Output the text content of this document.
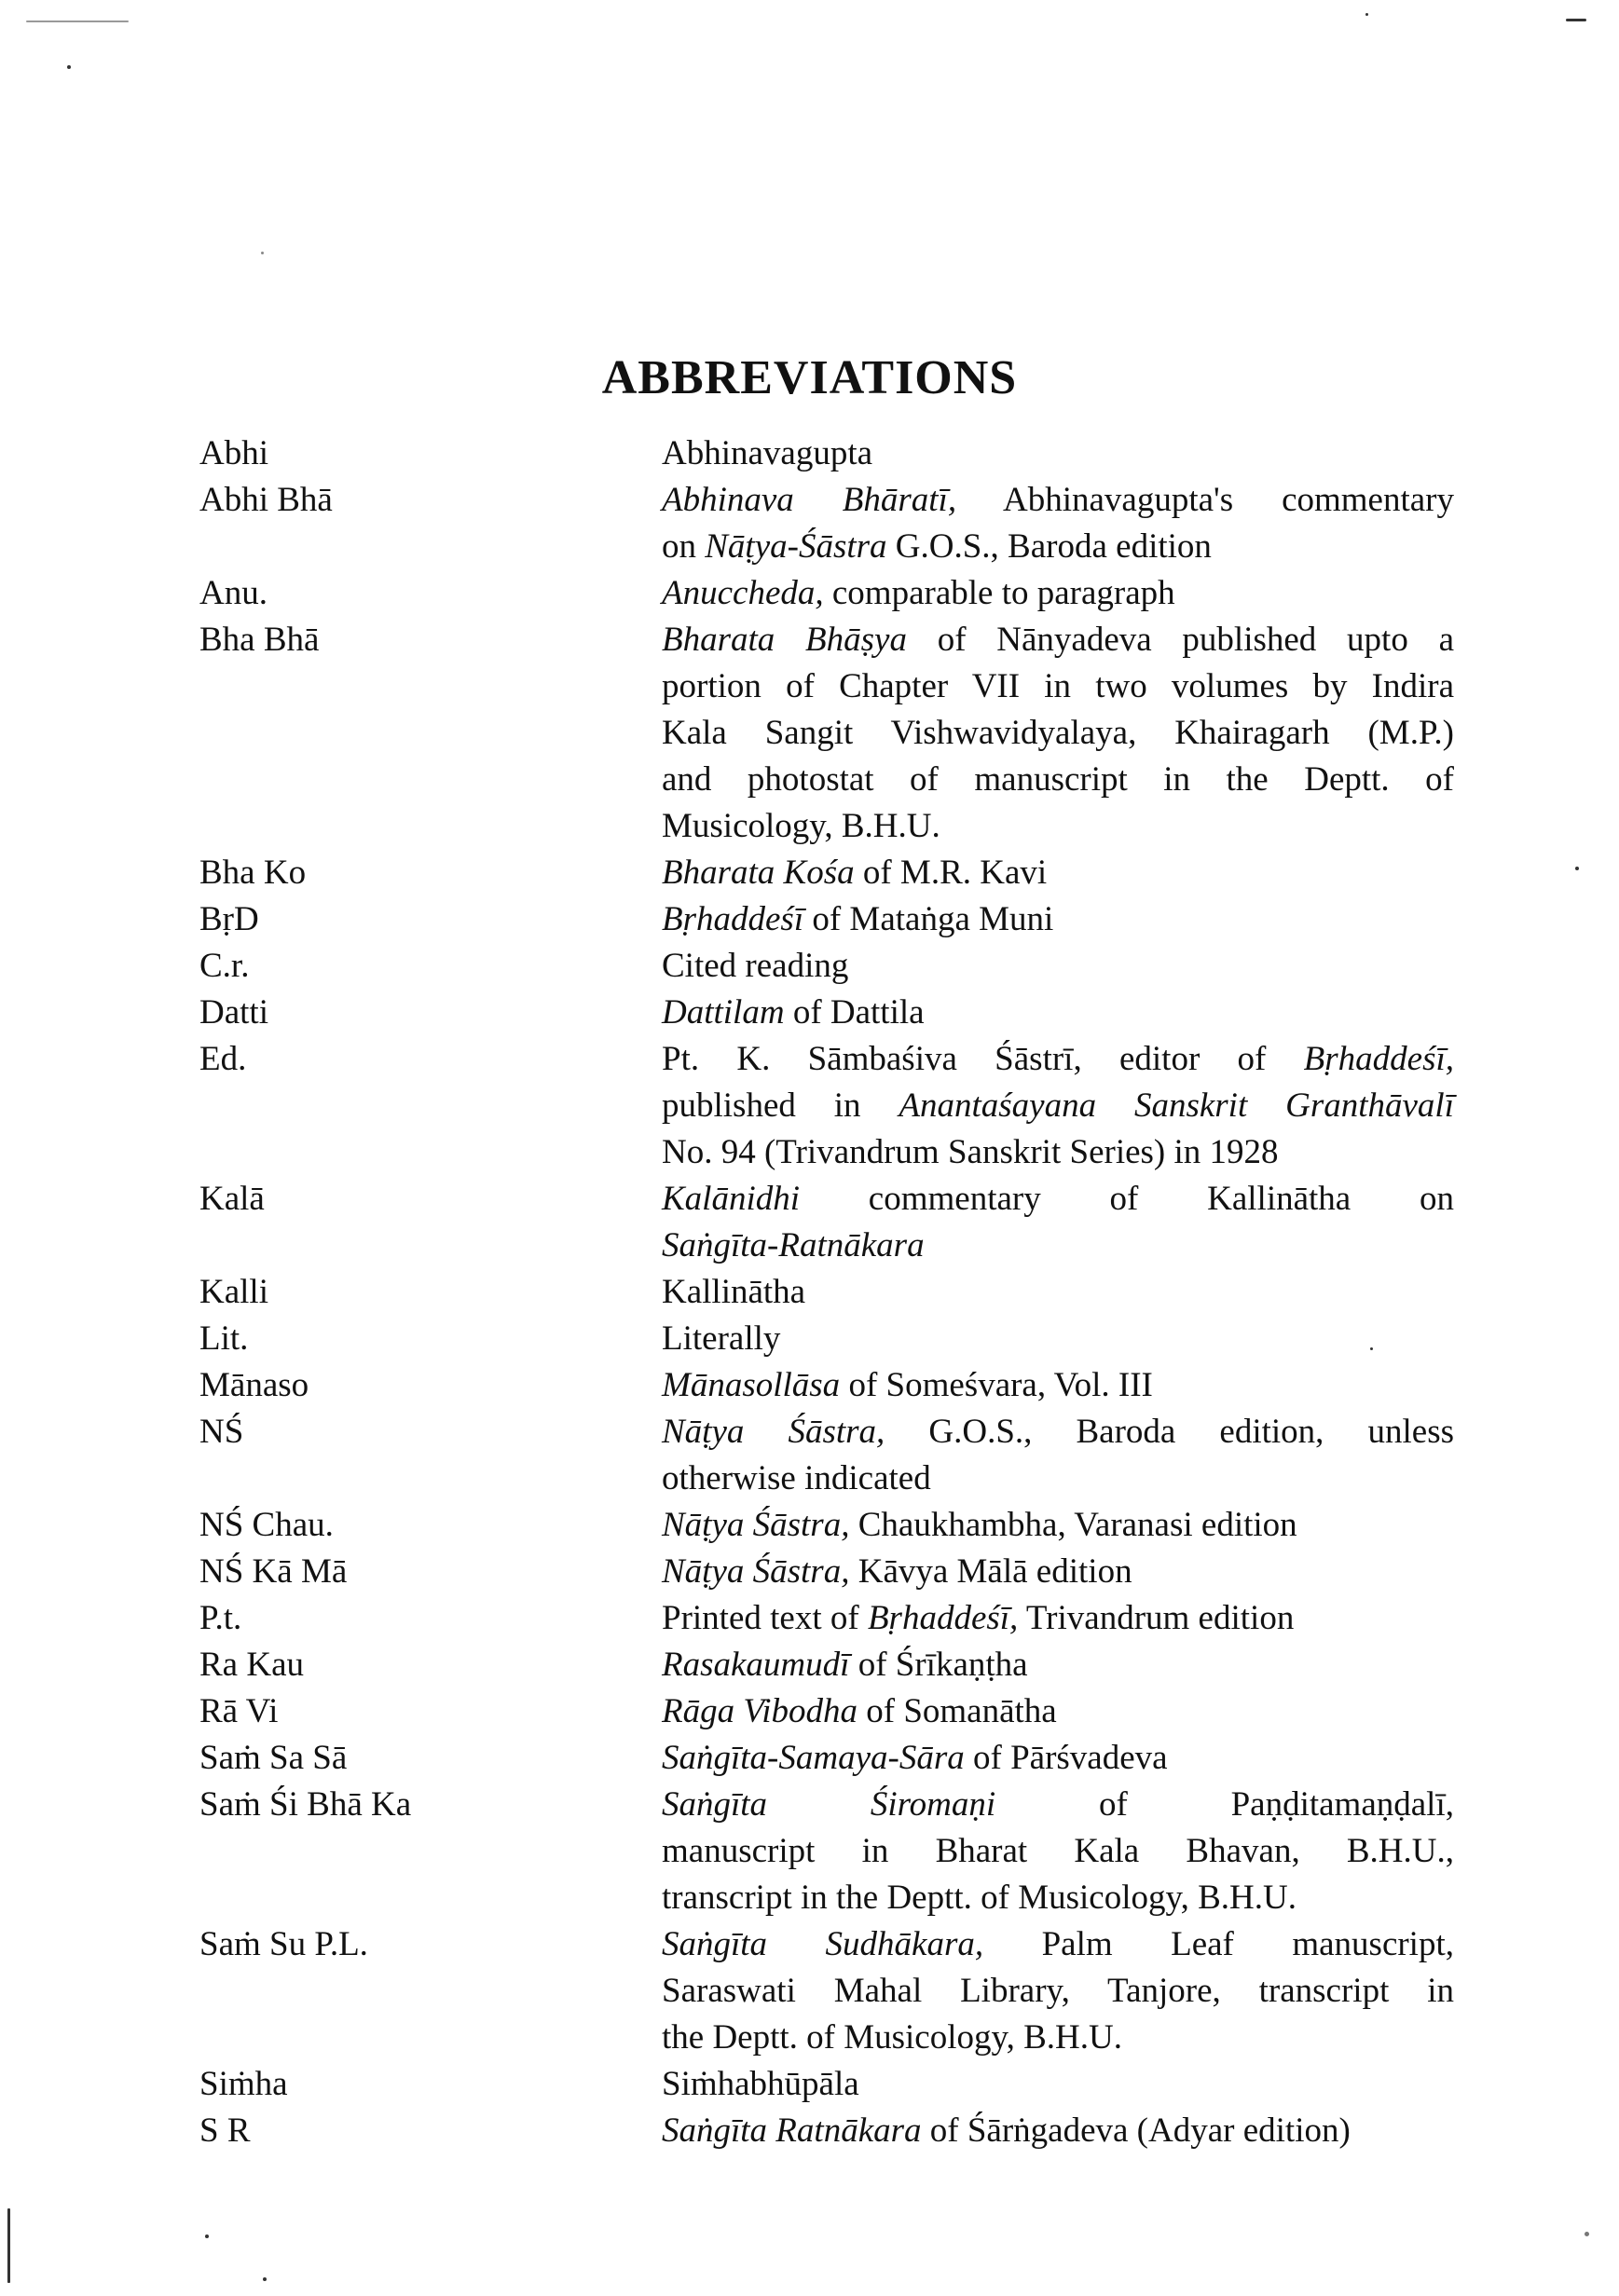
ABBREVIATIONS
Abhi	Abhinavagupta
Abhi Bhā	Abhinava Bhāratī, Abhinavagupta's commentary
on Nāṭya-Śāstra G.O.S., Baroda edition
Anu.	Anuccheda, comparable to paragraph
Bha Bhā	Bharata Bhāṣya of Nānyadeva published upto a
portion of Chapter VII in two volumes by Indira
Kala Sangit Vishwavidyalaya, Khairagarh (M.P.)
and photostat of manuscript in the Deptt. of
Musicology, B.H.U.
Bha Ko	Bharata Kośa of M.R. Kavi
BṛD	Bṛhaddeśī of Mataṅga Muni
C.r.	Cited reading
Datti	Dattilam of Dattila
Ed.	Pt. K. Sāmbaśiva Śāstrī, editor of Bṛhaddeśī,
published in Anantaśayana Sanskrit Granthāvalī
No. 94 (Trivandrum Sanskrit Series) in 1928
Kalā	Kalānidhi commentary of Kallinātha on
Saṅgīta-Ratnākara
Kalli	Kallinātha
Lit.	Literally
Mānaso	Mānasollāsa of Someśvara, Vol. III
NŚ	Nāṭya Śāstra, G.O.S., Baroda edition, unless
otherwise indicated
NŚ Chau.	Nāṭya Śāstra, Chaukhambha, Varanasi edition
NŚ Kā Mā	Nāṭya Śāstra, Kāvya Mālā edition
P.t.	Printed text of Bṛhaddeśī, Trivandrum edition
Ra Kau	Rasakaumudī of Śrīkaṇṭha
Rā Vi	Rāga Vibodha of Somanātha
Saṁ Sa Sā	Saṅgīta-Samaya-Sāra of Pārśvadeva
Saṁ Śi Bhā Ka	Saṅgīta Śiromaṇi of Paṇḍitamaṇḍalī,
manuscript in Bharat Kala Bhavan, B.H.U.,
transcript in the Deptt. of Musicology, B.H.U.
Saṁ Su P.L.	Saṅgīta Sudhākara, Palm Leaf manuscript,
Saraswati Mahal Library, Tanjore, transcript in
the Deptt. of Musicology, B.H.U.
Siṁha	Siṁhabhūpāla
S R	Saṅgīta Ratnākara of Śārṅgadeva (Adyar edition)
